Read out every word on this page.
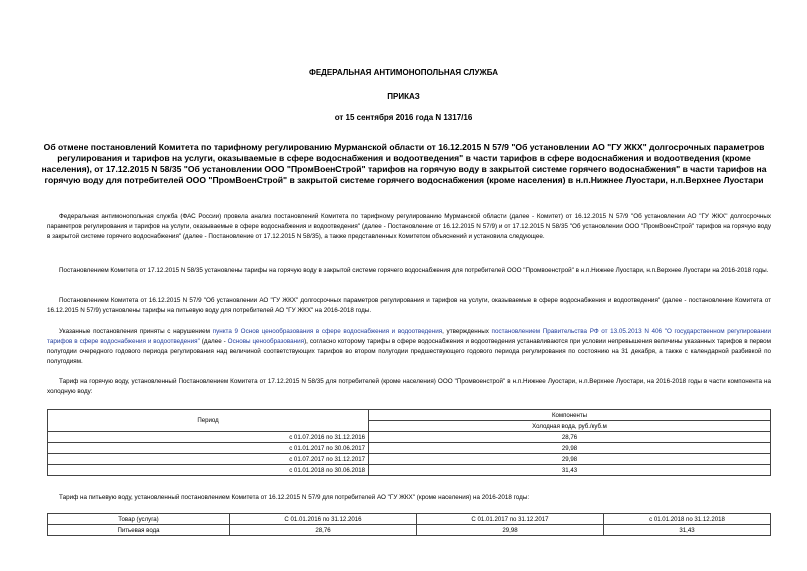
ФЕДЕРАЛЬНАЯ АНТИМОНОПОЛЬНАЯ СЛУЖБА
ПРИКАЗ
от 15 сентября 2016 года N 1317/16
Об отмене постановлений Комитета по тарифному регулированию Мурманской области от 16.12.2015 N 57/9 "Об установлении АО "ГУ ЖКХ" долгосрочных параметров регулирования и тарифов на услуги, оказываемые в сфере водоснабжения и водоотведения" в части тарифов в сфере водоснабжения и водоотведения (кроме населения), от 17.12.2015 N 58/35 "Об установлении ООО "ПромВоенСтрой" тарифов на горячую воду в закрытой системе горячего водоснабжения" в части тарифов на горячую воду для потребителей ООО "ПромВоенСтрой" в закрытой системе горячего водоснабжения (кроме населения) в н.п.Нижнее Луостари, н.п.Верхнее Луостари
Федеральная антимонопольная служба (ФАС России) провела анализ постановлений Комитета по тарифному регулированию Мурманской области (далее - Комитет) от 16.12.2015 N 57/9 "Об установлении АО "ГУ ЖКХ" долгосрочных параметров регулирования и тарифов на услуги, оказываемые в сфере водоснабжения и водоотведения" (далее - Постановление от 16.12.2015 N 57/9) и от 17.12.2015 N 58/35 "Об установлении ООО "ПромВоенСтрой" тарифов на горячую воду в закрытой системе горячего водоснабжения" (далее - Постановление от 17.12.2015 N 58/35), а также представленных Комитетом объяснений и установила следующее.
Постановлением Комитета от 17.12.2015 N 58/35 установлены тарифы на горячую воду в закрытой системе горячего водоснабжения для потребителей ООО "Промвоенстрой" в н.п.Нижнее Луостари, н.п.Верхнее Луостари на 2016-2018 годы.
Постановлением Комитета от 16.12.2015 N 57/9 "Об установлении АО "ГУ ЖКХ" долгосрочных параметров регулирования и тарифов на услуги, оказываемые в сфере водоснабжения и водоотведения" (далее - постановление Комитета от 16.12.2015 N 57/9) установлены тарифы на питьевую воду для потребителей АО "ГУ ЖКХ" на 2016-2018 годы.
Указанные постановления приняты с нарушением пункта 9 Основ ценообразования в сфере водоснабжения и водоотведения, утвержденных постановлением Правительства РФ от 13.05.2013 N 406 "О государственном регулировании тарифов в сфере водоснабжения и водоотведения" (далее - Основы ценообразования), согласно которому тарифы в сфере водоснабжения и водоотведения устанавливаются при условии непревышения величины указанных тарифов в первом полугодии очередного годового периода регулирования над величиной соответствующих тарифов во втором полугодии предшествующего годового периода регулирования по состоянию на 31 декабря, а также с календарной разбивкой по полугодиям.
Тариф на горячую воду, установленный Постановлением Комитета от 17.12.2015 N 58/35 для потребителей (кроме населения) ООО "Промвоенстрой" в н.п.Нижнее Луостари, н.п.Верхнее Луостари, на 2016-2018 годы в части компонента на холодную воду:
Период	Компоненты
	Холодная вода, руб./куб.м
с 01.07.2016 по 31.12.2016	28,76
с 01.01.2017 по 30.06.2017	29,98
с 01.07.2017 по 31.12.2017	29,98
с 01.01.2018 по 30.06.2018	31,43
Тариф на питьевую воду, установленный постановлением Комитета от 16.12.2015 N 57/9 для потребителей АО "ГУ ЖКХ" (кроме населения) на 2016-2018 годы:
Товар (услуга)	С 01.01.2016 по 31.12.2016	С 01.01.2017 по 31.12.2017	с 01.01.2018 по 31.12.2018
Питьевая вода	28,76	29,98	31,43
